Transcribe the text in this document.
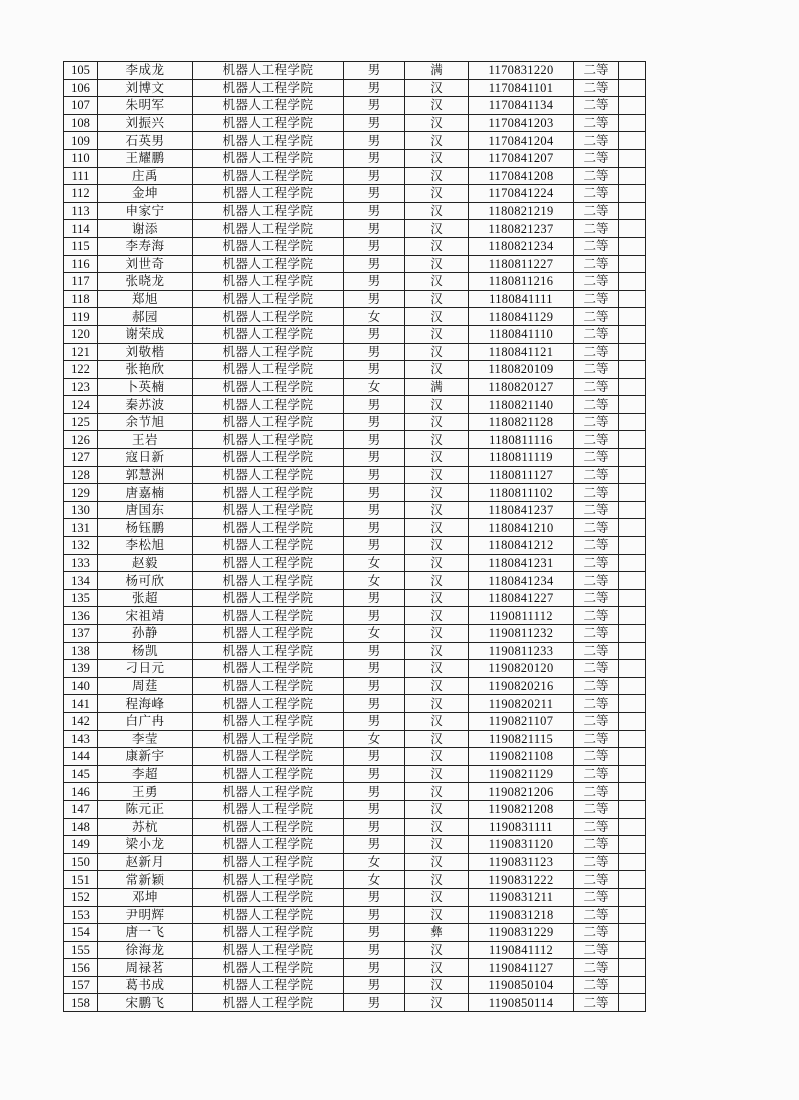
105	李成龙	机器人工程学院	男	满	1170831220	二等	
106	刘博文	机器人工程学院	男	汉	1170841101	二等	
107	朱明军	机器人工程学院	男	汉	1170841134	二等	
108	刘振兴	机器人工程学院	男	汉	1170841203	二等	
109	石英男	机器人工程学院	男	汉	1170841204	二等	
110	王耀鹏	机器人工程学院	男	汉	1170841207	二等	
111	庄禹	机器人工程学院	男	汉	1170841208	二等	
112	金坤	机器人工程学院	男	汉	1170841224	二等	
113	申家宁	机器人工程学院	男	汉	1180821219	二等	
114	谢添	机器人工程学院	男	汉	1180821237	二等	
115	李寿海	机器人工程学院	男	汉	1180821234	二等	
116	刘世奇	机器人工程学院	男	汉	1180811227	二等	
117	张晓龙	机器人工程学院	男	汉	1180811216	二等	
118	郑旭	机器人工程学院	男	汉	1180841111	二等	
119	郝园	机器人工程学院	女	汉	1180841129	二等	
120	谢荣成	机器人工程学院	男	汉	1180841110	二等	
121	刘敬楷	机器人工程学院	男	汉	1180841121	二等	
122	张艳欣	机器人工程学院	男	汉	1180820109	二等	
123	卜英楠	机器人工程学院	女	满	1180820127	二等	
124	秦苏波	机器人工程学院	男	汉	1180821140	二等	
125	余节旭	机器人工程学院	男	汉	1180821128	二等	
126	王岩	机器人工程学院	男	汉	1180811116	二等	
127	寇日新	机器人工程学院	男	汉	1180811119	二等	
128	郭慧洲	机器人工程学院	男	汉	1180811127	二等	
129	唐嘉楠	机器人工程学院	男	汉	1180811102	二等	
130	唐国东	机器人工程学院	男	汉	1180841237	二等	
131	杨钰鹏	机器人工程学院	男	汉	1180841210	二等	
132	李松旭	机器人工程学院	男	汉	1180841212	二等	
133	赵毅	机器人工程学院	女	汉	1180841231	二等	
134	杨可欣	机器人工程学院	女	汉	1180841234	二等	
135	张超	机器人工程学院	男	汉	1180841227	二等	
136	宋祖靖	机器人工程学院	男	汉	1190811112	二等	
137	孙静	机器人工程学院	女	汉	1190811232	二等	
138	杨凯	机器人工程学院	男	汉	1190811233	二等	
139	刁日元	机器人工程学院	男	汉	1190820120	二等	
140	周莛	机器人工程学院	男	汉	1190820216	二等	
141	程海峰	机器人工程学院	男	汉	1190820211	二等	
142	白广冉	机器人工程学院	男	汉	1190821107	二等	
143	李莹	机器人工程学院	女	汉	1190821115	二等	
144	康新宇	机器人工程学院	男	汉	1190821108	二等	
145	李超	机器人工程学院	男	汉	1190821129	二等	
146	王勇	机器人工程学院	男	汉	1190821206	二等	
147	陈元正	机器人工程学院	男	汉	1190821208	二等	
148	苏杭	机器人工程学院	男	汉	1190831111	二等	
149	梁小龙	机器人工程学院	男	汉	1190831120	二等	
150	赵新月	机器人工程学院	女	汉	1190831123	二等	
151	常新颖	机器人工程学院	女	汉	1190831222	二等	
152	邓坤	机器人工程学院	男	汉	1190831211	二等	
153	尹明辉	机器人工程学院	男	汉	1190831218	二等	
154	唐一飞	机器人工程学院	男	彝	1190831229	二等	
155	徐海龙	机器人工程学院	男	汉	1190841112	二等	
156	周禄茗	机器人工程学院	男	汉	1190841127	二等	
157	葛书成	机器人工程学院	男	汉	1190850104	二等	
158	宋鹏飞	机器人工程学院	男	汉	1190850114	二等	
